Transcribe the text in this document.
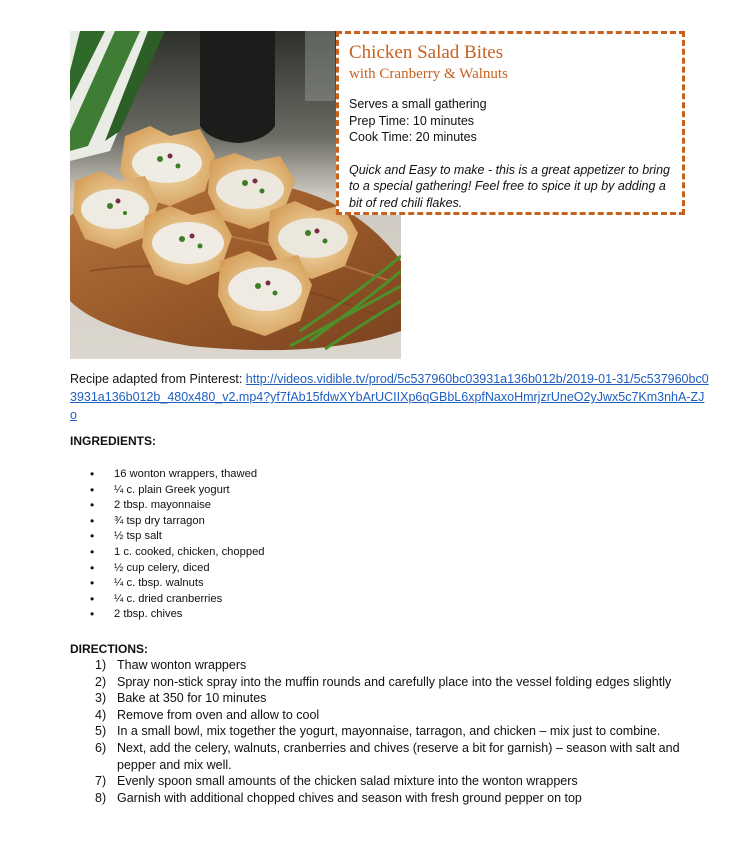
Chicken Salad Bites
with Cranberry & Walnuts
Serves a small gathering
Prep Time: 10 minutes
Cook Time: 20 minutes
Quick and Easy to make - this is a great appetizer to bring to a special gathering! Feel free to spice it up by adding a bit of red chili flakes.
Recipe adapted from Pinterest: http://videos.vidible.tv/prod/5c537960bc03931a136b012b/2019-01-31/5c537960bc03931a136b012b_480x480_v2.mp4?yf7fAb15fdwXYbArUCIIXp6qGBbL6xpfNaxoHmrjzrUneO2yJwx5c7Km3nhA-ZJo
INGREDIENTS:
• 16 wonton wrappers, thawed
• ¼ c. plain Greek yogurt
• 2 tbsp. mayonnaise
• ¾ tsp dry tarragon
• ½ tsp salt
• 1 c. cooked, chicken, chopped
• ½ cup celery, diced
• ¼ c. tbsp. walnuts
• ¼ c. dried cranberries
• 2 tbsp. chives
DIRECTIONS:
1) Thaw wonton wrappers
2) Spray non-stick spray into the muffin rounds and carefully place into the vessel folding edges slightly
3) Bake at 350 for 10 minutes
4) Remove from oven and allow to cool
5) In a small bowl, mix together the yogurt, mayonnaise, tarragon, and chicken – mix just to combine.
6) Next, add the celery, walnuts, cranberries and chives (reserve a bit for garnish) – season with salt and pepper and mix well.
7) Evenly spoon small amounts of the chicken salad mixture into the wonton wrappers
8) Garnish with additional chopped chives and season with fresh ground pepper on top
